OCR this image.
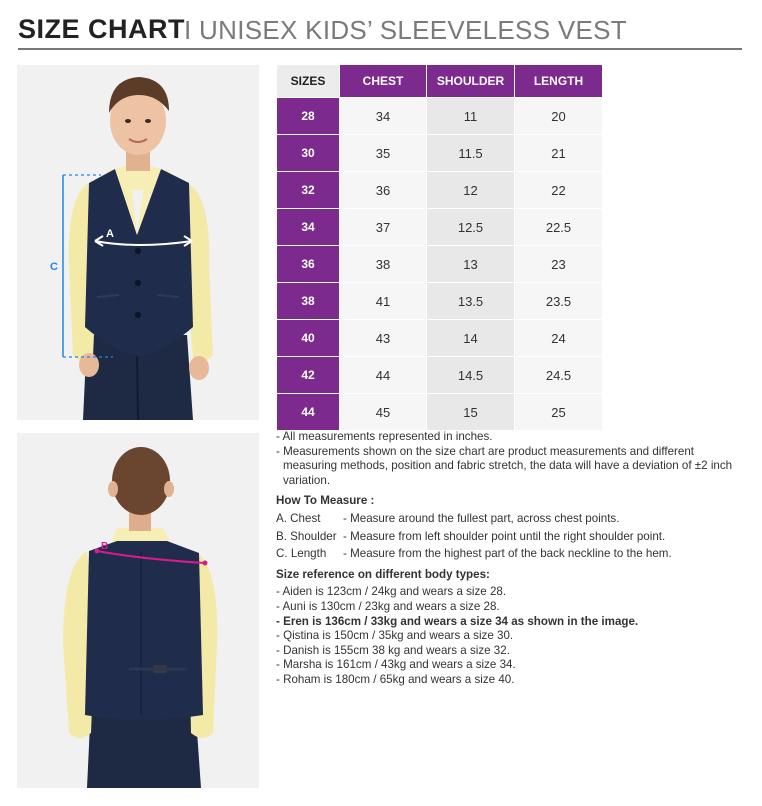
SIZE CHART I UNISEX KIDS’ SLEEVELESS VEST
C
A
B
SIZES	CHEST	SHOULDER	LENGTH
28	34	11	20
30	35	11.5	21
32	36	12	22
34	37	12.5	22.5
36	38	13	23
38	41	13.5	23.5
40	43	14	24
42	44	14.5	24.5
44	45	15	25

- All measurements represented in inches.

- Measurements shown on the size chart are product measurements and different measuring methods, position and fabric stretch, the data will have a deviation of ±2 inch variation.

How To Measure :

A. Chest	- Measure around the fullest part, across chest points.
B. Shoulder - Measure from left shoulder point until the right shoulder point.
C. Length	- Measure from the highest part of the back neckline to the hem.

Size reference on different body types:

- Aiden is 123cm / 24kg and wears a size 28.

- Auni is 130cm / 23kg and wears a size 28.

- Eren is 136cm / 33kg and wears a size 34 as shown in the image.

- Qistina is 150cm / 35kg and wears a size 30.

- Danish is 155cm 38 kg and wears a size 32.

- Marsha is 161cm / 43kg and wears a size 34.

- Roham is 180cm / 65kg and wears a size 40.
